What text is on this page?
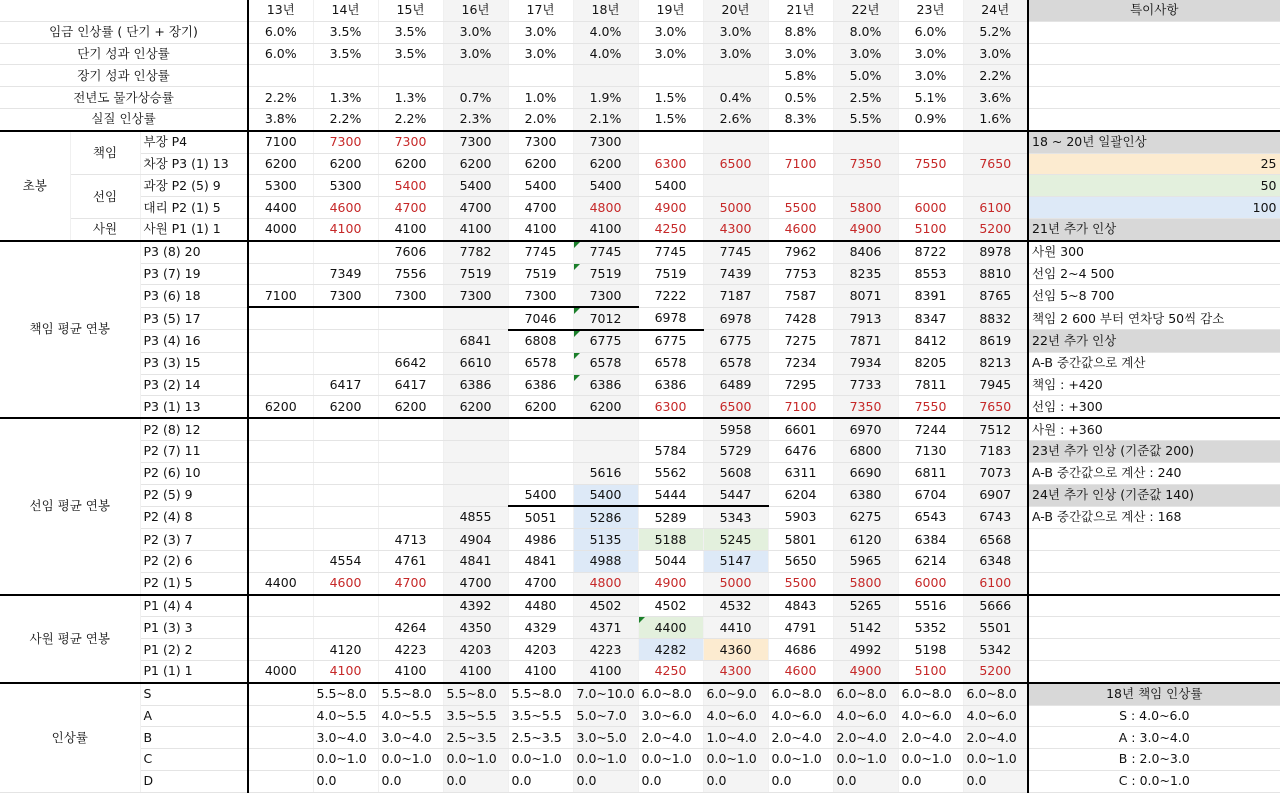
			13년	14년	15년	16년	17년	18년	19년	20년	21년	22년	23년	24년	특이사항
임금 인상률 ( 단기 + 장기)			6.0%	3.5%	3.5%	3.0%	3.0%	4.0%	3.0%	3.0%	8.8%	8.0%	6.0%	5.2%	
단기 성과 인상률			6.0%	3.5%	3.5%	3.0%	3.0%	4.0%	3.0%	3.0%	3.0%	3.0%	3.0%	3.0%	
장기 성과 인상률											5.8%	5.0%	3.0%	2.2%	
전년도 물가상승률			2.2%	1.3%	1.3%	0.7%	1.0%	1.9%	1.5%	0.4%	0.5%	2.5%	5.1%	3.6%	
실질 인상률			3.8%	2.2%	2.2%	2.3%	2.0%	2.1%	1.5%	2.6%	8.3%	5.5%	0.9%	1.6%	
초봉	책임	부장 P4	7100	7300	7300	7300	7300	7300							18 ~ 20년 일괄인상
		차장 P3 (1) 13	6200	6200	6200	6200	6200	6200	6300	6500	7100	7350	7550	7650	25
	선임	과장 P2 (5) 9	5300	5300	5400	5400	5400	5400	5400						50
		대리 P2 (1) 5	4400	4600	4700	4700	4700	4800	4900	5000	5500	5800	6000	6100	100
	사원	사원 P1 (1) 1	4000	4100	4100	4100	4100	4100	4250	4300	4600	4900	5100	5200	21년 추가 인상
책임 평균 연봉		P3 (8) 20			7606	7782	7745	7745	7745	7745	7962	8406	8722	8978	사원 300
		P3 (7) 19		7349	7556	7519	7519	7519	7519	7439	7753	8235	8553	8810	선임 2~4 500
		P3 (6) 18	7100	7300	7300	7300	7300	7300	7222	7187	7587	8071	8391	8765	선임 5~8 700
		P3 (5) 17					7046	7012	6978	6978	7428	7913	8347	8832	책임 2 600 부터 연차당 50씩 감소
		P3 (4) 16				6841	6808	6775	6775	6775	7275	7871	8412	8619	22년 추가 인상
		P3 (3) 15			6642	6610	6578	6578	6578	6578	7234	7934	8205	8213	A-B 중간값으로 계산
		P3 (2) 14		6417	6417	6386	6386	6386	6386	6489	7295	7733	7811	7945	책임 : +420
		P3 (1) 13	6200	6200	6200	6200	6200	6200	6300	6500	7100	7350	7550	7650	선임 : +300
선임 평균 연봉		P2 (8) 12								5958	6601	6970	7244	7512	사원 : +360
		P2 (7) 11							5784	5729	6476	6800	7130	7183	23년 추가 인상 (기준값 200)
		P2 (6) 10						5616	5562	5608	6311	6690	6811	7073	A-B 중간값으로 계산 : 240
		P2 (5) 9					5400	5400	5444	5447	6204	6380	6704	6907	24년 추가 인상 (기준값 140)
		P2 (4) 8				4855	5051	5286	5289	5343	5903	6275	6543	6743	A-B 중간값으로 계산 : 168
		P2 (3) 7			4713	4904	4986	5135	5188	5245	5801	6120	6384	6568	
		P2 (2) 6		4554	4761	4841	4841	4988	5044	5147	5650	5965	6214	6348	
		P2 (1) 5	4400	4600	4700	4700	4700	4800	4900	5000	5500	5800	6000	6100	
사원 평균 연봉		P1 (4) 4				4392	4480	4502	4502	4532	4843	5265	5516	5666	
		P1 (3) 3			4264	4350	4329	4371	4400	4410	4791	5142	5352	5501	
		P1 (2) 2		4120	4223	4203	4203	4223	4282	4360	4686	4992	5198	5342	
		P1 (1) 1	4000	4100	4100	4100	4100	4100	4250	4300	4600	4900	5100	5200	
인상률		S		5.5~8.0	5.5~8.0	5.5~8.0	5.5~8.0	7.0~10.0	6.0~8.0	6.0~9.0	6.0~8.0	6.0~8.0	6.0~8.0	6.0~8.0	18년 책임 인상률
		A		4.0~5.5	4.0~5.5	3.5~5.5	3.5~5.5	5.0~7.0	3.0~6.0	4.0~6.0	4.0~6.0	4.0~6.0	4.0~6.0	4.0~6.0	S : 4.0~6.0
		B		3.0~4.0	3.0~4.0	2.5~3.5	2.5~3.5	3.0~5.0	2.0~4.0	1.0~4.0	2.0~4.0	2.0~4.0	2.0~4.0	2.0~4.0	A : 3.0~4.0
		C		0.0~1.0	0.0~1.0	0.0~1.0	0.0~1.0	0.0~1.0	0.0~1.0	0.0~1.0	0.0~1.0	0.0~1.0	0.0~1.0	0.0~1.0	B : 2.0~3.0
		D		0.0	0.0	0.0	0.0	0.0	0.0	0.0	0.0	0.0	0.0	0.0	C : 0.0~1.0
